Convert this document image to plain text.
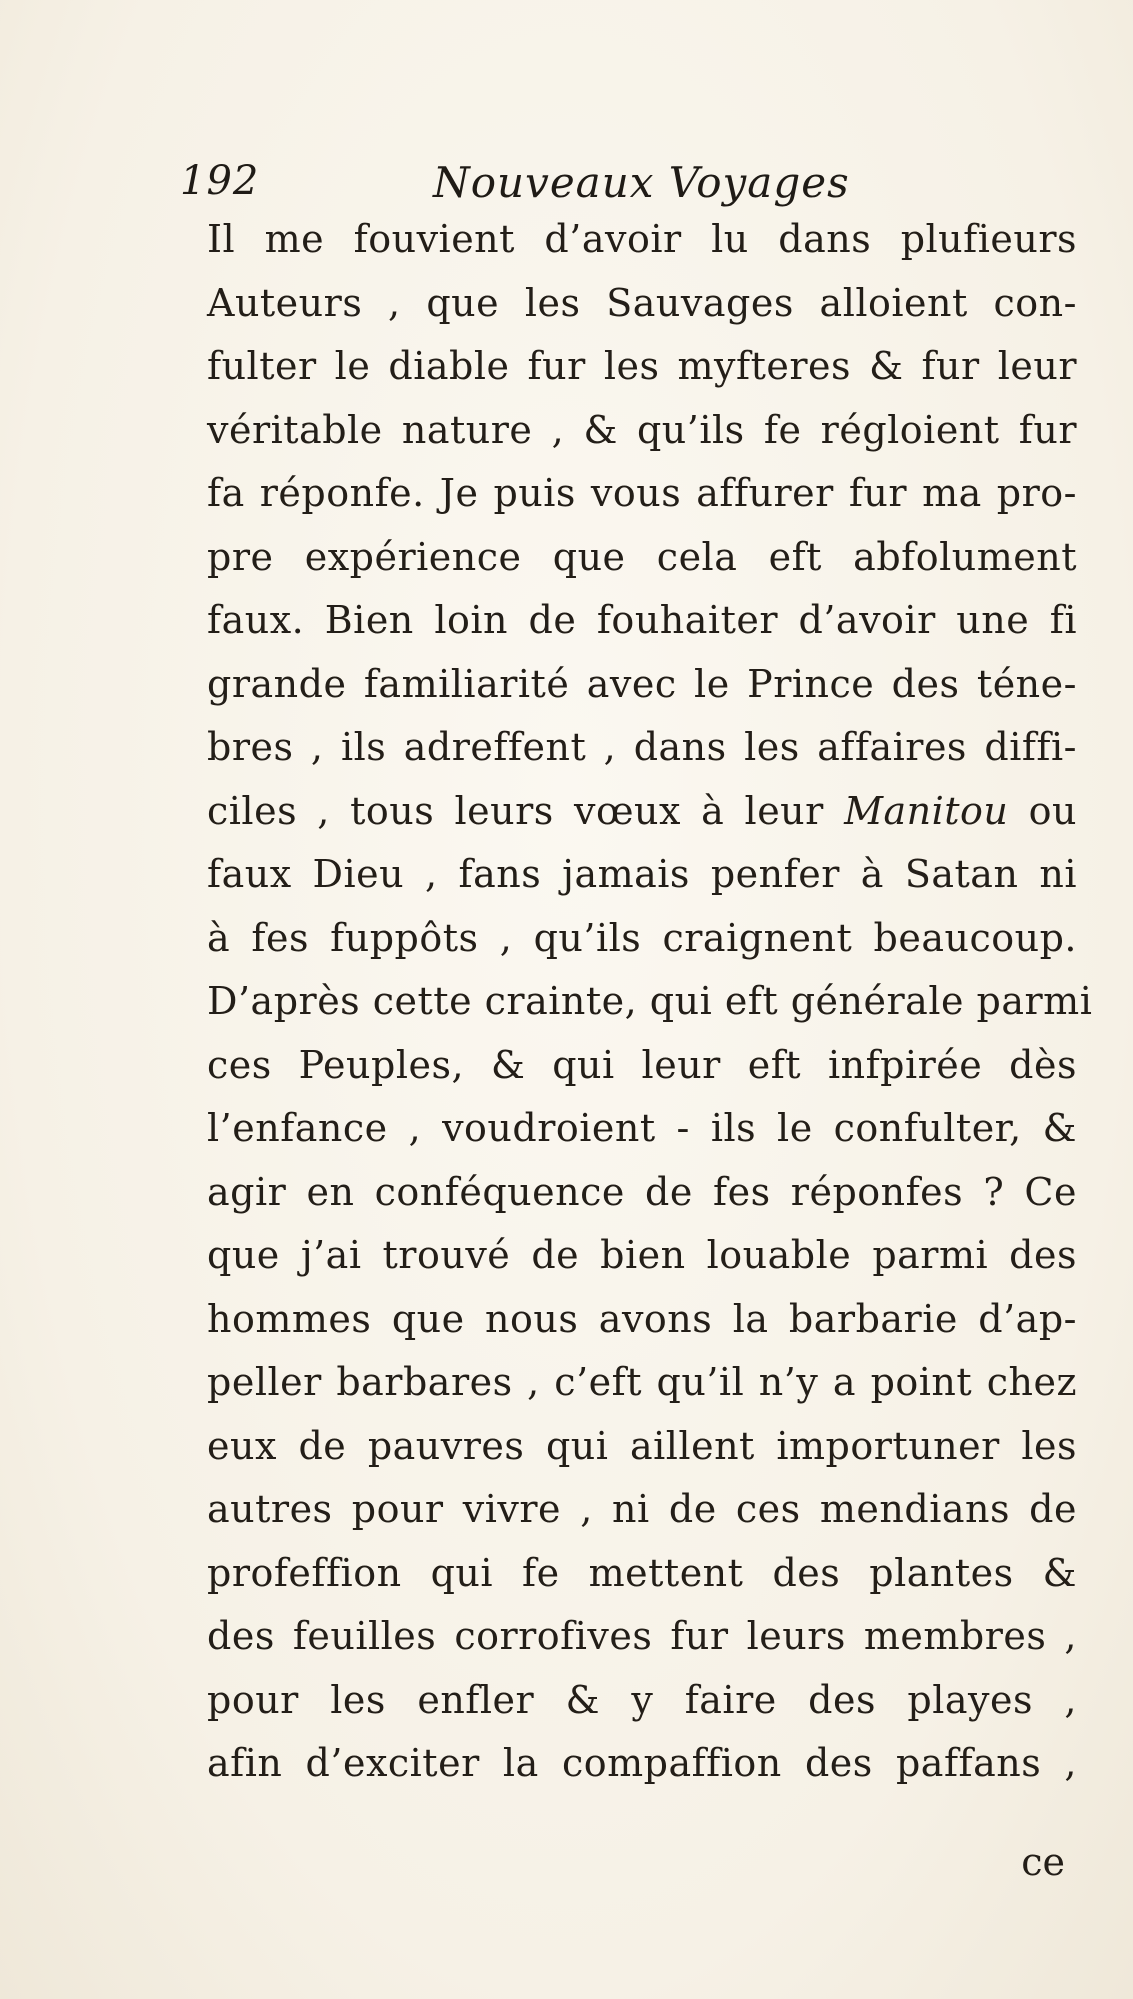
192	Nouveaux Voyages
Il me fouvient d’avoir lu dans plufieurs
Auteurs , que les Sauvages alloient con-
fulter le diable fur les myfteres & fur leur
véritable nature , & qu’ils fe régloient fur
fa réponfe. Je puis vous affurer fur ma pro-
pre expérience que cela eft abfolument
faux. Bien loin de fouhaiter d’avoir une fi
grande familiarité avec le Prince des téne-
bres , ils adreffent , dans les affaires diffi-
ciles , tous leurs vœux à leur Manitou ou
faux Dieu , fans jamais penfer à Satan ni
à fes fuppôts , qu’ils craignent beaucoup.
D’après cette crainte, qui eft générale parmi
ces Peuples, & qui leur eft infpirée dès
l’enfance , voudroient - ils le confulter, &
agir en conféquence de fes réponfes ? Ce
que j’ai trouvé de bien louable parmi des
hommes que nous avons la barbarie d’ap-
peller barbares , c’eft qu’il n’y a point chez
eux de pauvres qui aillent importuner les
autres pour vivre , ni de ces mendians de
profeffion qui fe mettent des plantes &
des feuilles corrofives fur leurs membres ,
pour les enfler & y faire des playes ,
afin d’exciter la compaffion des paffans ,
ce
